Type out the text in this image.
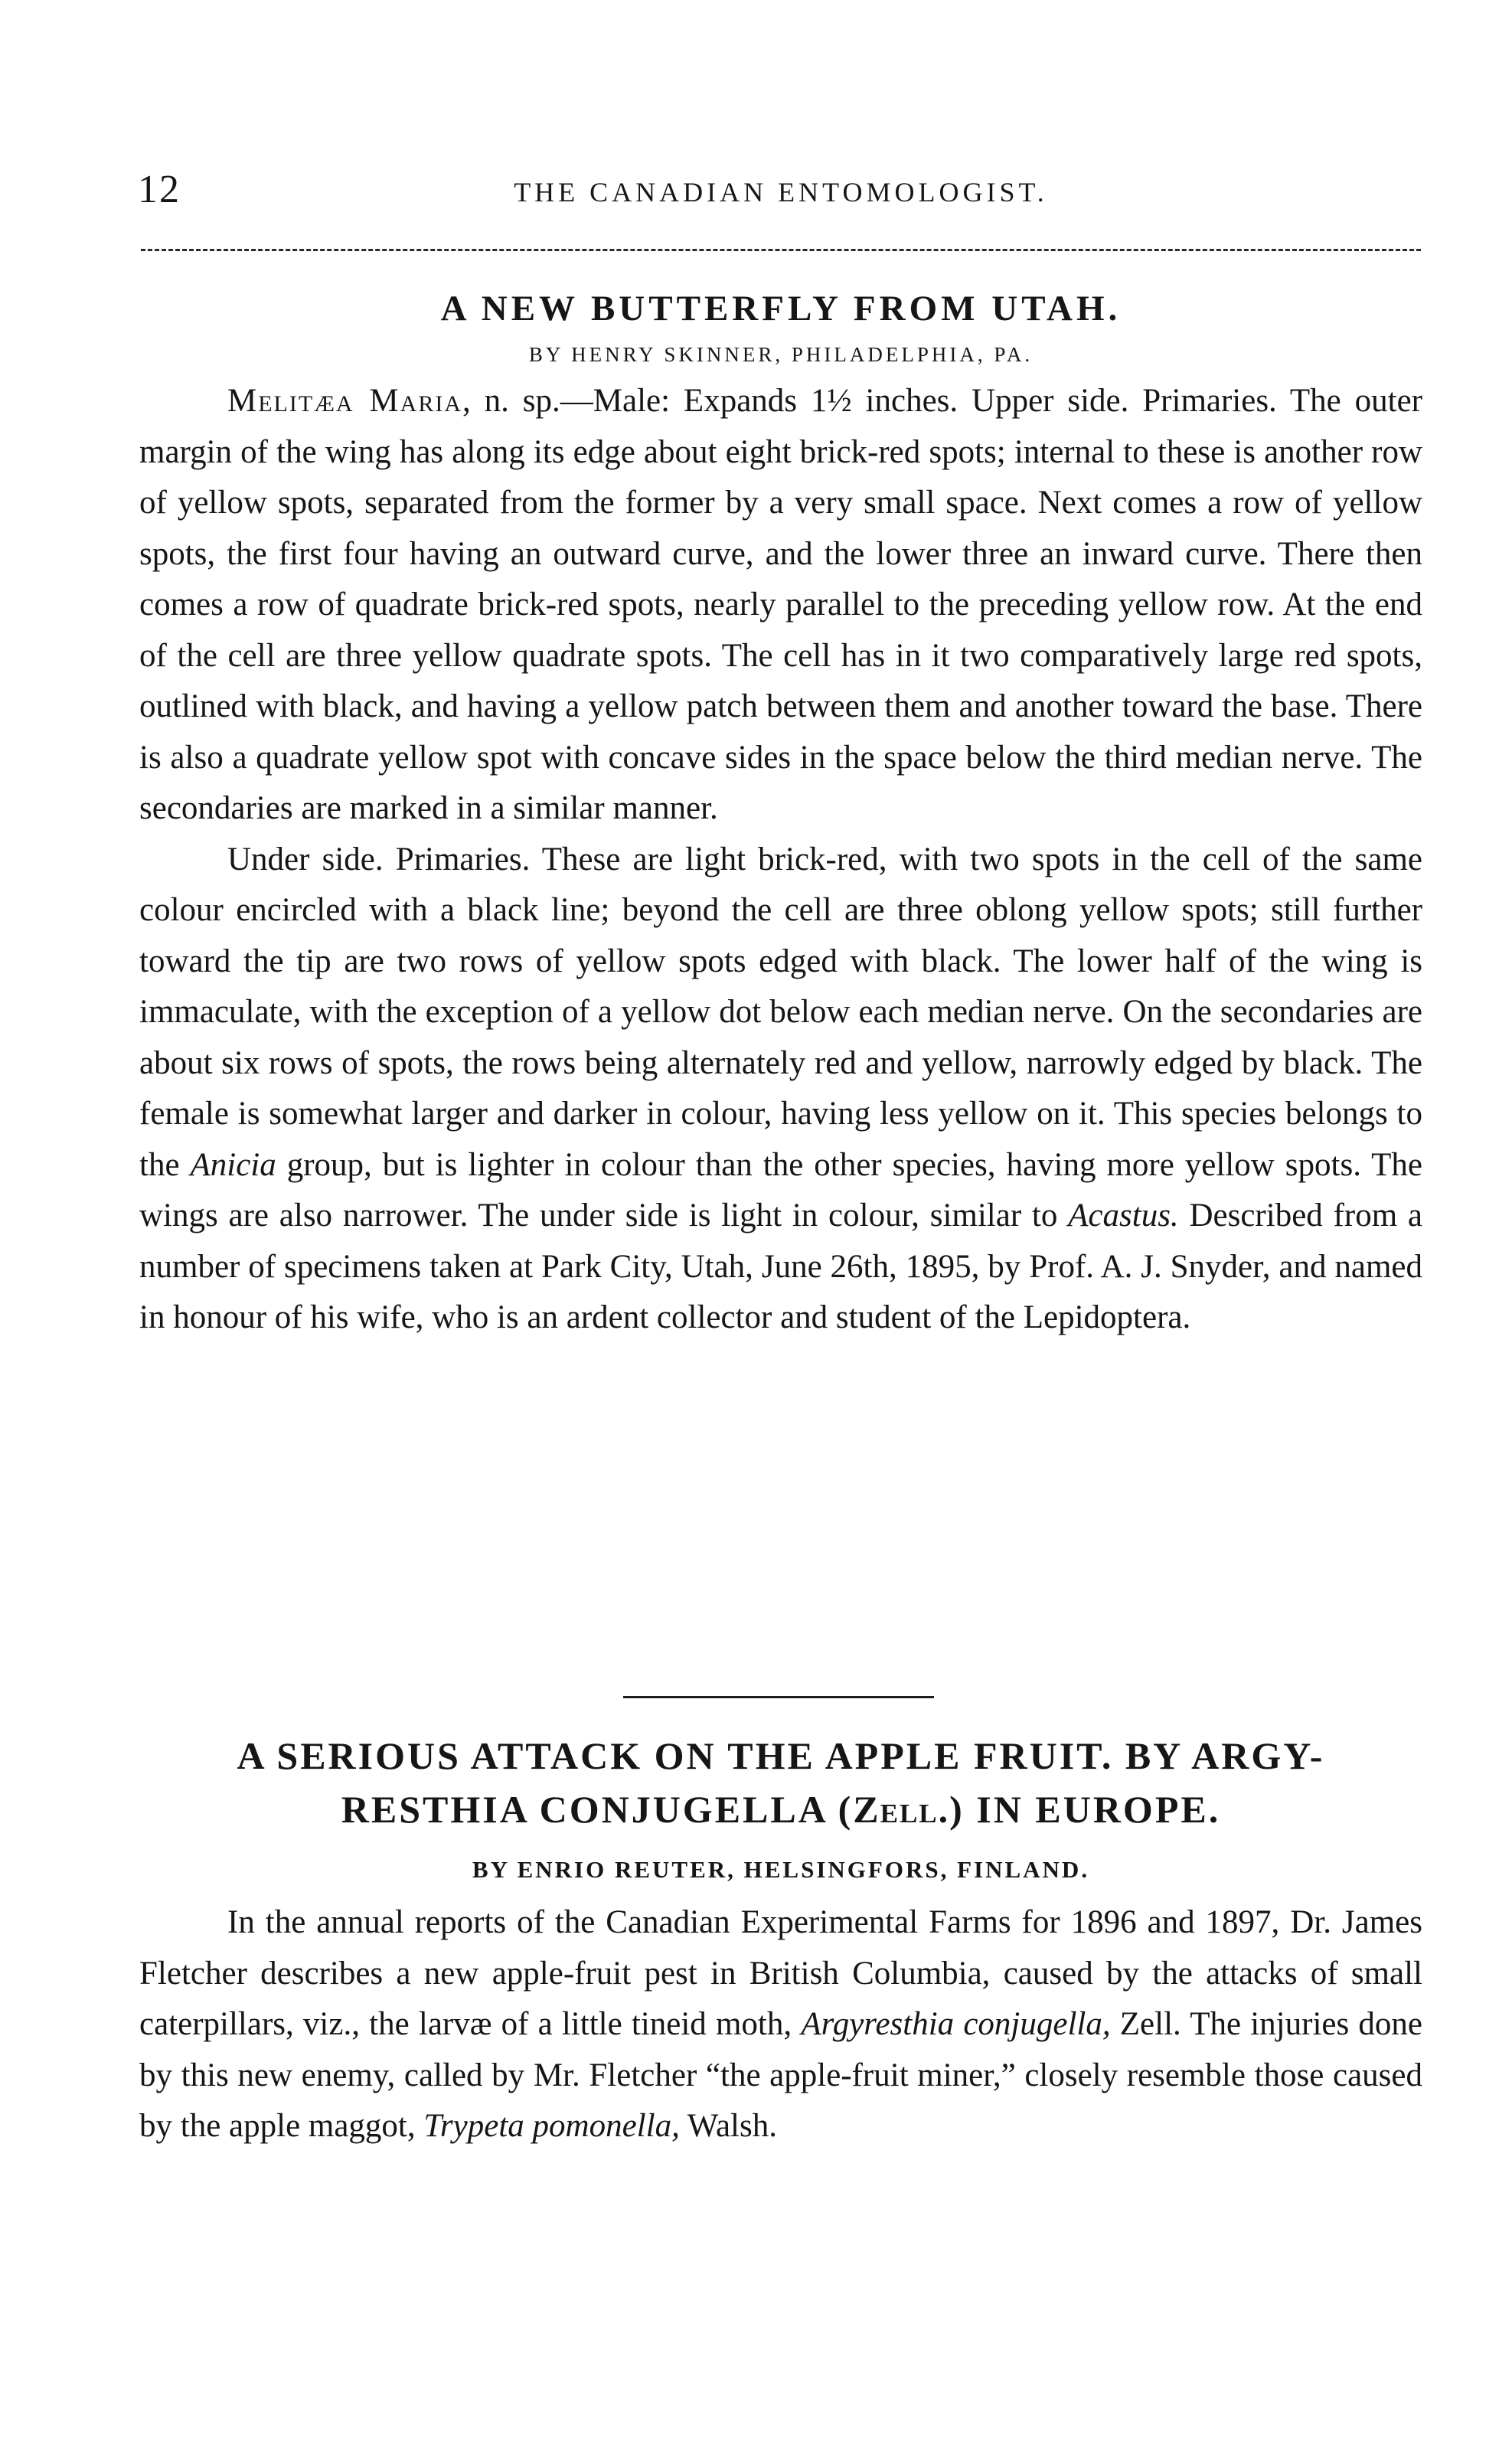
12	THE CANADIAN ENTOMOLOGIST.
A NEW BUTTERFLY FROM UTAH.
BY HENRY SKINNER, PHILADELPHIA, PA.

Melitæa Maria, n. sp.—Male: Expands 1½ inches. Upper side. Primaries. The outer margin of the wing has along its edge about eight brick-red spots; internal to these is another row of yellow spots, separated from the former by a very small space. Next comes a row of yellow spots, the first four having an outward curve, and the lower three an inward curve. There then comes a row of quadrate brick-red spots, nearly parallel to the preceding yellow row. At the end of the cell are three yellow quadrate spots. The cell has in it two comparatively large red spots, outlined with black, and having a yellow patch between them and another toward the base. There is also a quadrate yellow spot with concave sides in the space below the third median nerve. The secondaries are marked in a similar manner.

Under side. Primaries. These are light brick-red, with two spots in the cell of the same colour encircled with a black line; beyond the cell are three oblong yellow spots; still further toward the tip are two rows of yellow spots edged with black. The lower half of the wing is immaculate, with the exception of a yellow dot below each median nerve. On the secondaries are about six rows of spots, the rows being alternately red and yellow, narrowly edged by black. The female is somewhat larger and darker in colour, having less yellow on it. This species belongs to the Anicia group, but is lighter in colour than the other species, having more yellow spots. The wings are also narrower. The under side is light in colour, similar to Acastus. Described from a number of specimens taken at Park City, Utah, June 26th, 1895, by Prof. A. J. Snyder, and named in honour of his wife, who is an ardent collector and student of the Lepidoptera.

A SERIOUS ATTACK ON THE APPLE FRUIT. BY ARGY-
RESTHIA CONJUGELLA (Zell.) IN EUROPE.
BY ENRIO REUTER, HELSINGFORS, FINLAND.

In the annual reports of the Canadian Experimental Farms for 1896 and 1897, Dr. James Fletcher describes a new apple-fruit pest in British Columbia, caused by the attacks of small caterpillars, viz., the larvæ of a little tineid moth, Argyresthia conjugella, Zell. The injuries done by this new enemy, called by Mr. Fletcher “the apple-fruit miner,” closely resemble those caused by the apple maggot, Trypeta pomonella, Walsh.
